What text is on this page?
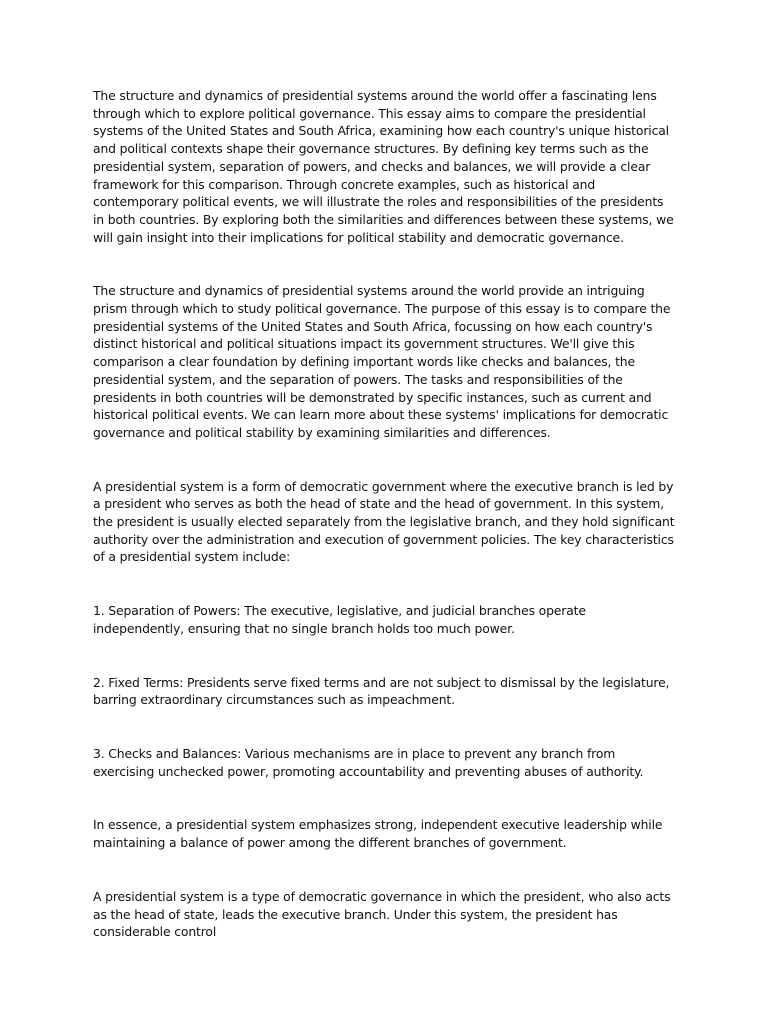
The structure and dynamics of presidential systems around the world offer a fascinating lens through which to explore political governance. This essay aims to compare the presidential systems of the United States and South Africa, examining how each country's unique historical and political contexts shape their governance structures. By defining key terms such as the presidential system, separation of powers, and checks and balances, we will provide a clear framework for this comparison. Through concrete examples, such as historical and contemporary political events, we will illustrate the roles and responsibilities of the presidents in both countries. By exploring both the similarities and differences between these systems, we will gain insight into their implications for political stability and democratic governance.

The structure and dynamics of presidential systems around the world provide an intriguing prism through which to study political governance. The purpose of this essay is to compare the presidential systems of the United States and South Africa, focussing on how each country's distinct historical and political situations impact its government structures. We'll give this comparison a clear foundation by defining important words like checks and balances, the presidential system, and the separation of powers. The tasks and responsibilities of the presidents in both countries will be demonstrated by specific instances, such as current and historical political events. We can learn more about these systems' implications for democratic governance and political stability by examining similarities and differences.

A presidential system is a form of democratic government where the executive branch is led by a president who serves as both the head of state and the head of government. In this system, the president is usually elected separately from the legislative branch, and they hold significant authority over the administration and execution of government policies. The key characteristics of a presidential system include:

1. Separation of Powers: The executive, legislative, and judicial branches operate independently, ensuring that no single branch holds too much power.

2. Fixed Terms: Presidents serve fixed terms and are not subject to dismissal by the legislature, barring extraordinary circumstances such as impeachment.

3. Checks and Balances: Various mechanisms are in place to prevent any branch from exercising unchecked power, promoting accountability and preventing abuses of authority.

In essence, a presidential system emphasizes strong, independent executive leadership while maintaining a balance of power among the different branches of government.

A presidential system is a type of democratic governance in which the president, who also acts as the head of state, leads the executive branch. Under this system, the president has considerable control
